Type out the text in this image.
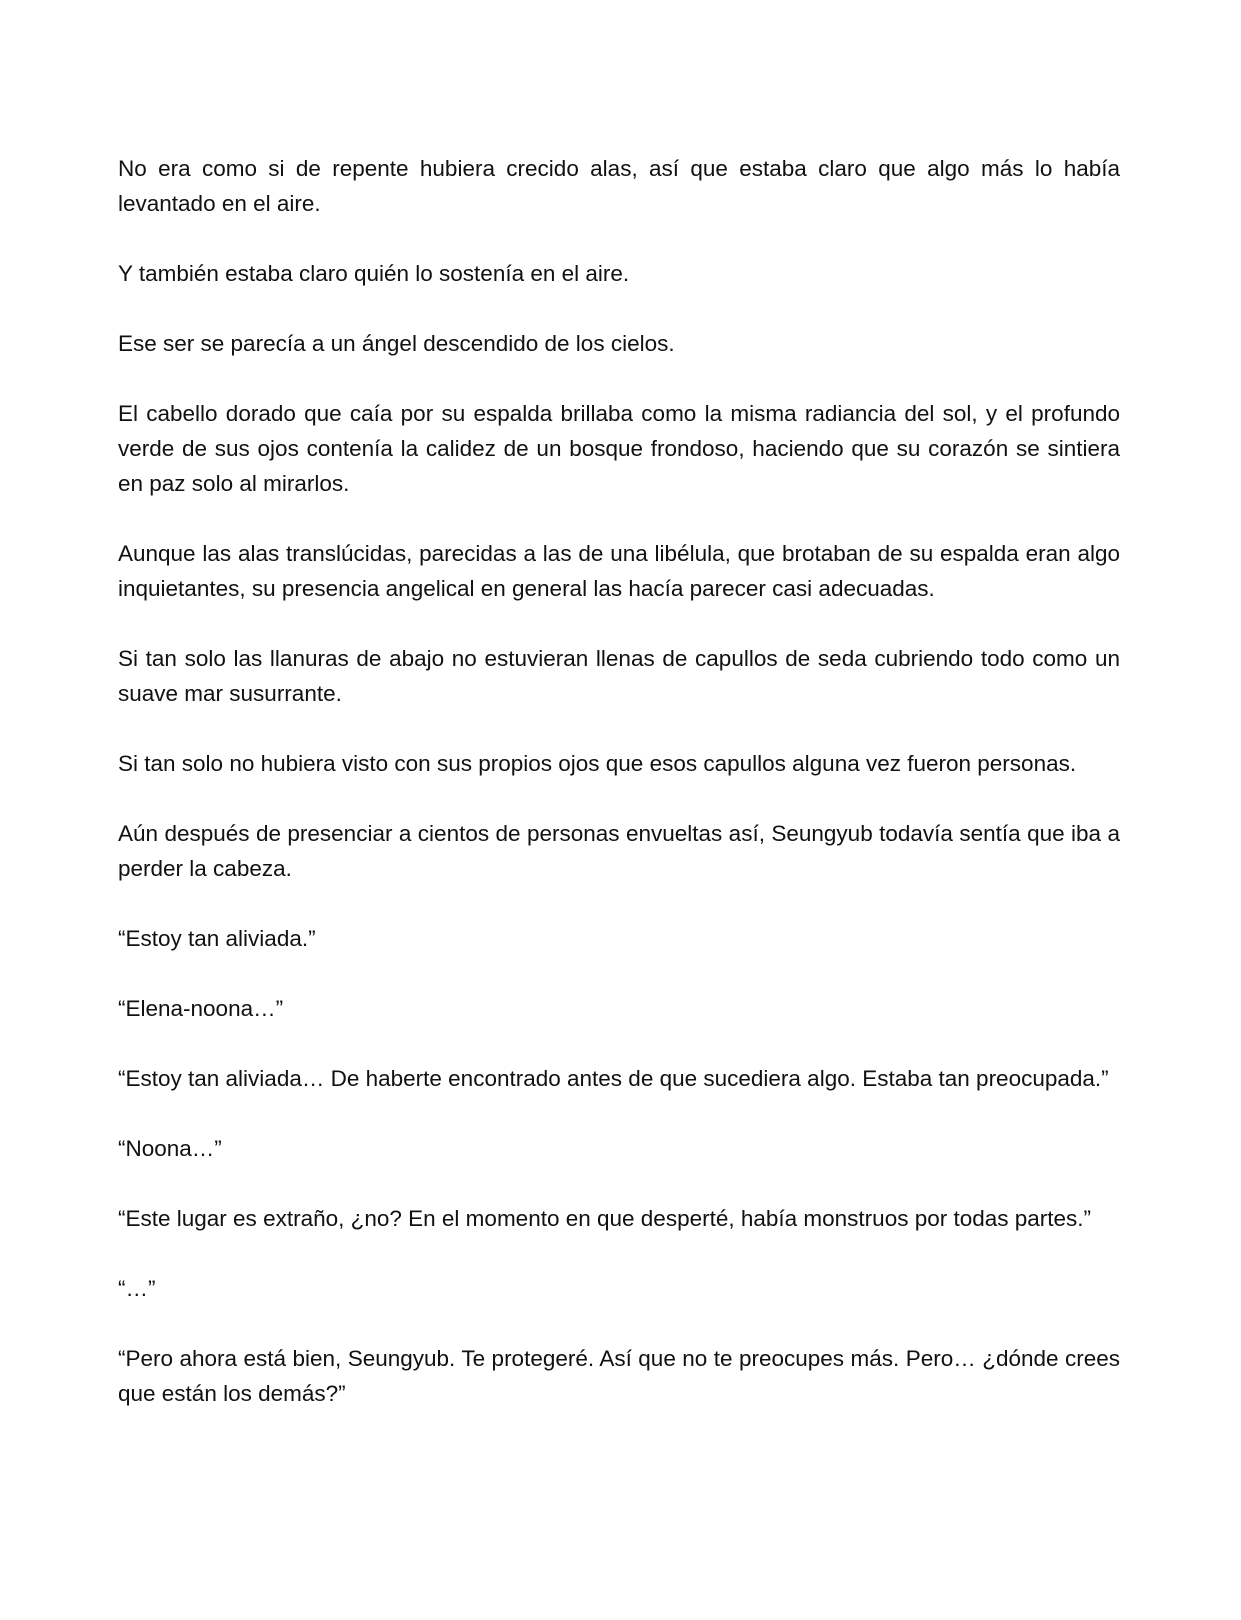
No era como si de repente hubiera crecido alas, así que estaba claro que algo más lo había levantado en el aire.

Y también estaba claro quién lo sostenía en el aire.

Ese ser se parecía a un ángel descendido de los cielos.

El cabello dorado que caía por su espalda brillaba como la misma radiancia del sol, y el profundo verde de sus ojos contenía la calidez de un bosque frondoso, haciendo que su corazón se sintiera en paz solo al mirarlos.

Aunque las alas translúcidas, parecidas a las de una libélula, que brotaban de su espalda eran algo inquietantes, su presencia angelical en general las hacía parecer casi adecuadas.

Si tan solo las llanuras de abajo no estuvieran llenas de capullos de seda cubriendo todo como un suave mar susurrante.

Si tan solo no hubiera visto con sus propios ojos que esos capullos alguna vez fueron personas.

Aún después de presenciar a cientos de personas envueltas así, Seungyub todavía sentía que iba a perder la cabeza.

“Estoy tan aliviada.”

“Elena-noona…”

“Estoy tan aliviada… De haberte encontrado antes de que sucediera algo. Estaba tan preocupada.”

“Noona…”

“Este lugar es extraño, ¿no? En el momento en que desperté, había monstruos por todas partes.”

“…”

“Pero ahora está bien, Seungyub. Te protegeré. Así que no te preocupes más. Pero… ¿dónde crees que están los demás?”
